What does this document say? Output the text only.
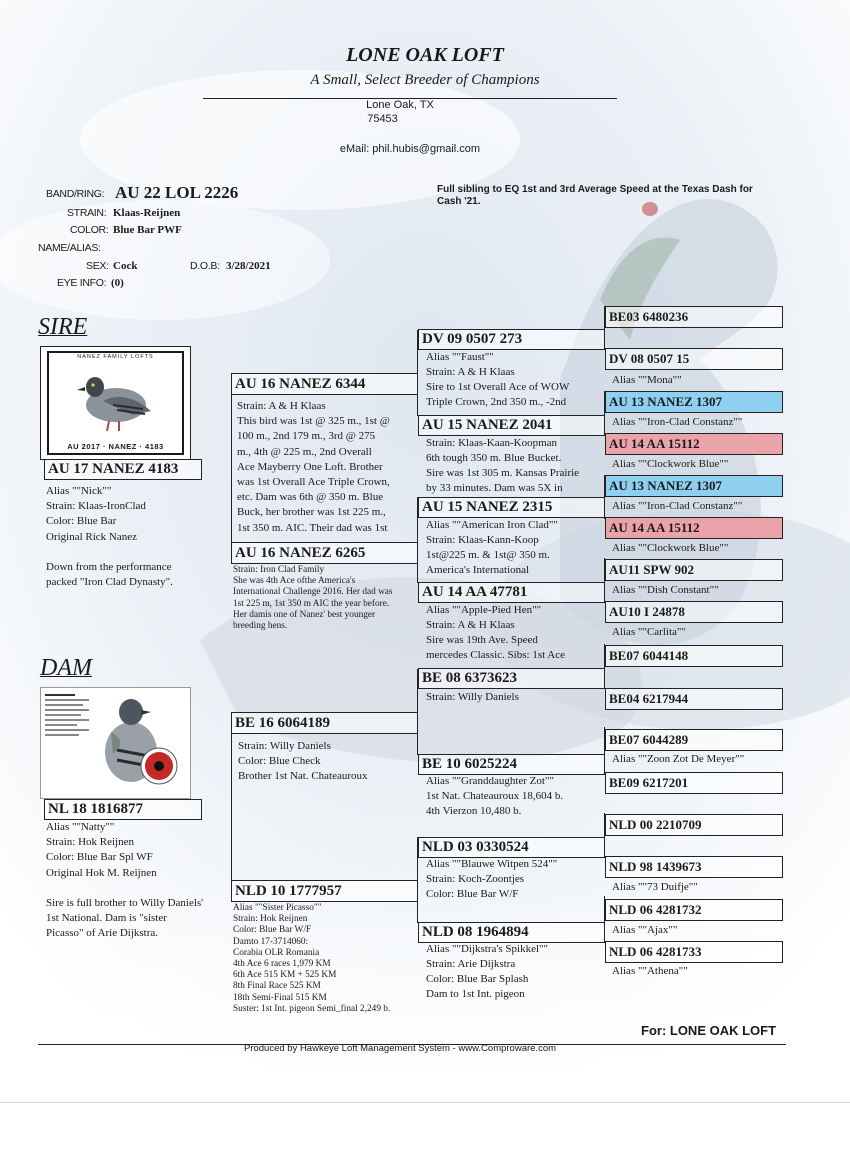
LONE OAK LOFT
A Small, Select Breeder of Champions
Lone Oak, TX
75453
eMail: phil.hubis@gmail.com
BAND/RING: AU 22 LOL 2226
STRAIN: Klaas-Reijnen
COLOR: Blue Bar PWF
NAME/ALIAS:
SEX: Cock	D.O.B: 3/28/2021
EYE INFO: (0)
Full sibling to EQ 1st and 3rd Average Speed at the Texas Dash for Cash '21.
SIRE
NANEZ FAMILY LOFTS
AU 2017 · NANEZ · 4183
AU 17 NANEZ 4183
Alias ""Nick""
Strain: Klaas-IronClad
Color: Blue Bar
Original Rick Nanez
Down from the performance
packed "Iron Clad Dynasty".
DAM
NL 18 1816877
Alias ""Natty""
Strain: Hok Reijnen
Color: Blue Bar Spl WF
Original Hok M. Reijnen
Sire is full brother to Willy Daniels'
1st National. Dam is "sister
Picasso" of Arie Dijkstra.
AU 16 NANEZ 6344
Strain: A & H Klaas
This bird was 1st @ 325 m., 1st @
100 m., 2nd 179 m., 3rd @ 275
m., 4th @ 225 m., 2nd Overall
Ace Mayberry One Loft. Brother
was 1st Overall Ace Triple Crown,
etc. Dam was 6th @ 350 m. Blue
Buck, her brother was 1st 225 m.,
1st 350 m. AIC. Their dad was 1st
AU 16 NANEZ 6265
Strain: Iron Clad Family
She was 4th Ace ofthe America's
International Challenge 2016. Her dad was
1st 225 m, 1st 350 m AIC the year before.
Her damis one of Nanez' best younger
breeding hens.
BE 16 6064189
Strain: Willy Daniels
Color: Blue Check
Brother 1st Nat. Chateauroux
NLD 10 1777957
Alias ""Sister Picasso""
Strain: Hok Reijnen
Color: Blue Bar W/F
Damto 17-3714060:
Corabia OLR Romania
4th Ace 6 races 1,979 KM
6th Ace 515 KM + 525 KM
8th Final Race 525 KM
18th Semi-Final 515 KM
Suster: 1st Int. pigeon Semi_final 2,249 b.
DV 09 0507 273
Alias ""Faust""
Strain: A & H Klaas
Sire to 1st Overall Ace of WOW
Triple Crown, 2nd 350 m., -2nd
AU 15 NANEZ 2041
Strain: Klaas-Kaan-Koopman
6th tough 350 m. Blue Bucket.
Sire was 1st 305 m. Kansas Prairie
by 33 minutes. Dam was 5X in
AU 15 NANEZ 2315
Alias ""American Iron Clad""
Strain: Klaas-Kann-Koop
1st@225 m. & 1st@ 350 m.
America's International
AU 14 AA 47781
Alias ""Apple-Pied Hen""
Strain: A & H Klaas
Sire was 19th Ave. Speed
mercedes Classic. Sibs: 1st Ace
BE 08 6373623
Strain: Willy Daniels
BE 10 6025224
Alias ""Granddaughter Zot""
1st Nat. Chateauroux 18,604 b.
4th Vierzon 10,480 b.
NLD 03 0330524
Alias ""Blauwe Witpen 524""
Strain: Koch-Zoontjes
Color: Blue Bar W/F
NLD 08 1964894
Alias ""Dijkstra's Spikkel""
Strain: Arie Dijkstra
Color: Blue Bar Splash
Dam to 1st Int. pigeon
BE03 6480236
DV 08 0507 15
Alias ""Mona""
AU 13 NANEZ 1307
Alias ""Iron-Clad Constanz""
AU 14 AA 15112
Alias ""Clockwork Blue""
AU 13 NANEZ 1307
Alias ""Iron-Clad Constanz""
AU 14 AA 15112
Alias ""Clockwork Blue""
AU11 SPW 902
Alias ""Dish Constant""
AU10 I 24878
Alias ""Carlita""
BE07 6044148
BE04 6217944
BE07 6044289
Alias ""Zoon Zot De Meyer""
BE09 6217201
NLD 00 2210709
NLD 98 1439673
Alias ""73 Duifje""
NLD 06 4281732
Alias ""Ajax""
NLD 06 4281733
Alias ""Athena""
For: LONE OAK LOFT
Produced by Hawkeye Loft Management System - www.Comproware.com
